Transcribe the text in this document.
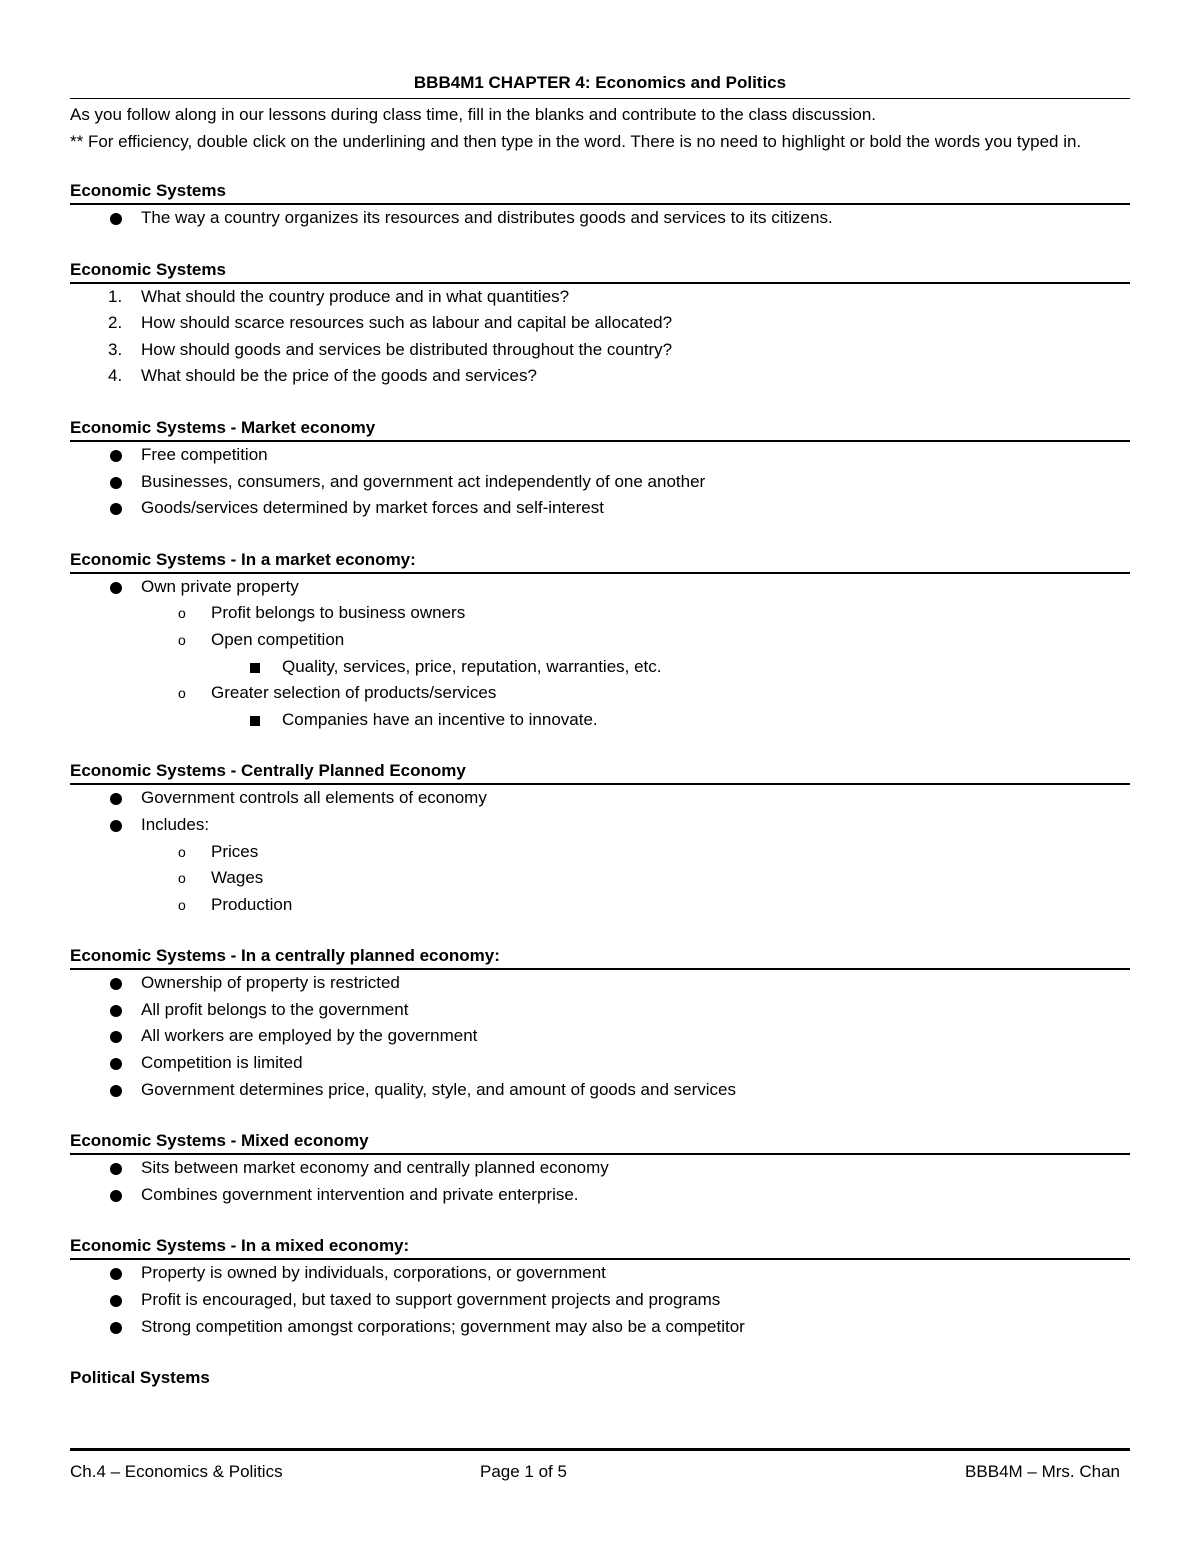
BBB4M1 CHAPTER 4: Economics and Politics
As you follow along in our lessons during class time, fill in the blanks and contribute to the class discussion.
** For efficiency, double click on the underlining and then type in the word. There is no need to highlight or bold the words you typed in.
Economic Systems
The way a country organizes its resources and distributes goods and services to its citizens.
Economic Systems
1. What should the country produce and in what quantities?
2. How should scarce resources such as labour and capital be allocated?
3. How should goods and services be distributed throughout the country?
4. What should be the price of the goods and services?
Economic Systems - Market economy
Free competition
Businesses, consumers, and government act independently of one another
Goods/services determined by market forces and self-interest
Economic Systems - In a market economy:
Own private property
o Profit belongs to business owners
o Open competition
Quality, services, price, reputation, warranties, etc.
o Greater selection of products/services
Companies have an incentive to innovate.
Economic Systems - Centrally Planned Economy
Government controls all elements of economy
Includes:
o Prices
o Wages
o Production
Economic Systems - In a centrally planned economy:
Ownership of property is restricted
All profit belongs to the government
All workers are employed by the government
Competition is limited
Government determines price, quality, style, and amount of goods and services
Economic Systems - Mixed economy
Sits between market economy and centrally planned economy
Combines government intervention and private enterprise.
Economic Systems - In a mixed economy:
Property is owned by individuals, corporations, or government
Profit is encouraged, but taxed to support government projects and programs
Strong competition amongst corporations; government may also be a competitor
Political Systems
Ch.4 – Economics & Politics	Page 1 of 5	BBB4M – Mrs. Chan
